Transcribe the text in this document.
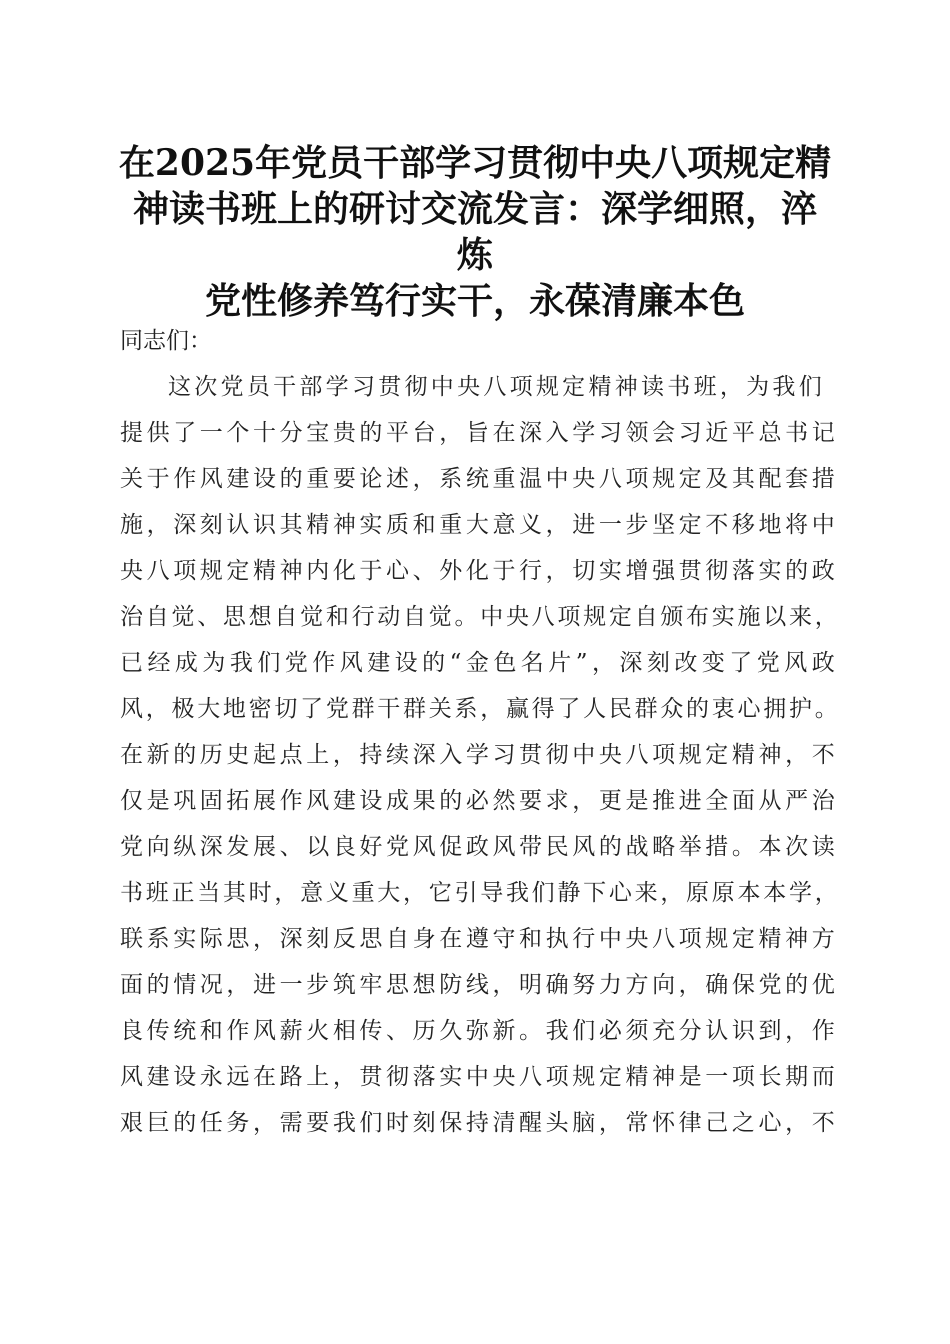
在2025年党员干部学习贯彻中央八项规定精
神读书班上的研讨交流发言：深学细照，淬炼
党性修养笃行实干，永葆清廉本色

同志们：

这次党员干部学习贯彻中央八项规定精神读书班，为我们

提供了一个十分宝贵的平台，旨在深入学习领会习近平总书记

关于作风建设的重要论述，系统重温中央八项规定及其配套措

施，深刻认识其精神实质和重大意义，进一步坚定不移地将中

央八项规定精神内化于心、外化于行，切实增强贯彻落实的政

治自觉、思想自觉和行动自觉。中央八项规定自颁布实施以来，

已经成为我们党作风建设的“金色名片”，深刻改变了党风政

风，极大地密切了党群干群关系，赢得了人民群众的衷心拥护。

在新的历史起点上，持续深入学习贯彻中央八项规定精神，不

仅是巩固拓展作风建设成果的必然要求，更是推进全面从严治

党向纵深发展、以良好党风促政风带民风的战略举措。本次读

书班正当其时，意义重大，它引导我们静下心来，原原本本学，

联系实际思，深刻反思自身在遵守和执行中央八项规定精神方

面的情况，进一步筑牢思想防线，明确努力方向，确保党的优

良传统和作风薪火相传、历久弥新。我们必须充分认识到，作

风建设永远在路上，贯彻落实中央八项规定精神是一项长期而

艰巨的任务，需要我们时刻保持清醒头脑，常怀律己之心，不
